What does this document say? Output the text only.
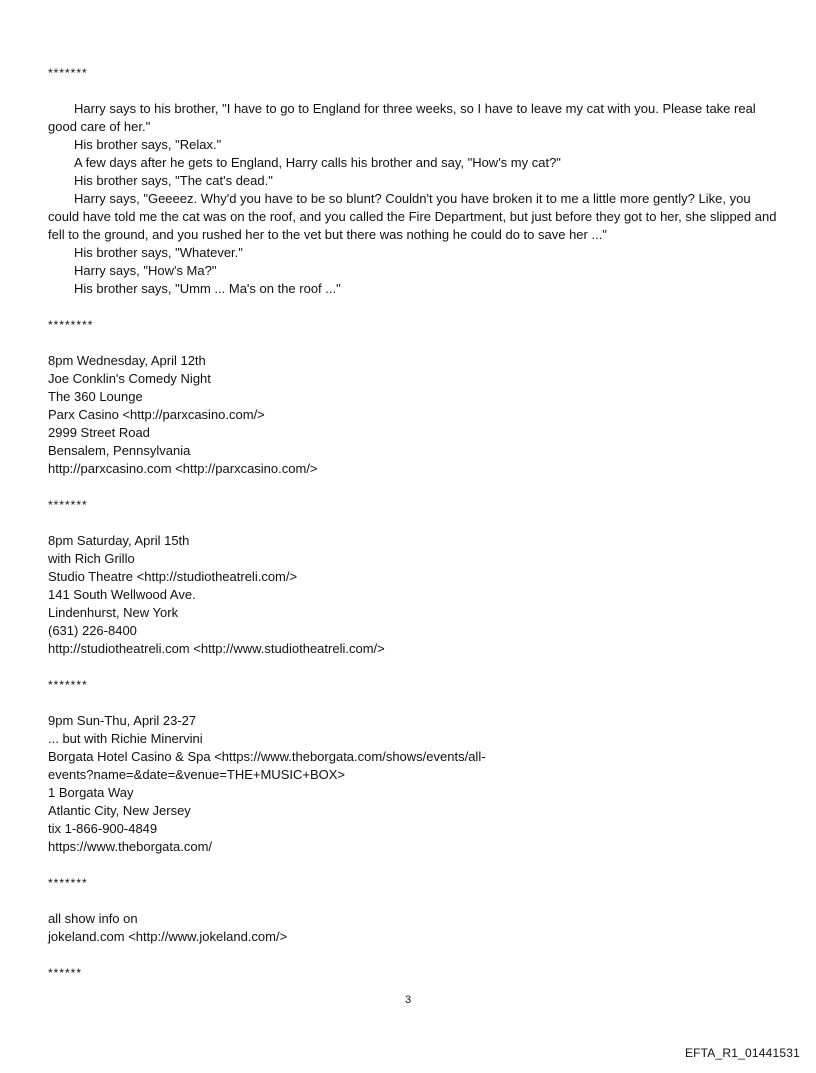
*******

Harry says to his brother, "I have to go to England for three weeks, so I have to leave my cat with you. Please take real good care of her."

His brother says, "Relax."

A few days after he gets to England, Harry calls his brother and say, "How's my cat?"

His brother says, "The cat's dead."

Harry says, "Geeeez. Why'd you have to be so blunt? Couldn't you have broken it to me a little more gently? Like, you could have told me the cat was on the roof, and you called the Fire Department, but just before they got to her, she slipped and fell to the ground, and you rushed her to the vet but there was nothing he could do to save her ..."

His brother says, "Whatever."

Harry says, "How's Ma?"

His brother says, "Umm ... Ma's on the roof ..."

********

8pm Wednesday, April 12th

Joe Conklin's Comedy Night

The 360 Lounge

Parx Casino <http://parxcasino.com/>

2999 Street Road

Bensalem, Pennsylvania

http://parxcasino.com <http://parxcasino.com/>

*******

8pm Saturday, April 15th

with Rich Grillo

Studio Theatre <http://studiotheatreli.com/>

141 South Wellwood Ave.

Lindenhurst, New York

(631) 226-8400

http://studiotheatreli.com <http://www.studiotheatreli.com/>

*******

9pm Sun-Thu, April 23-27

... but with Richie Minervini

Borgata Hotel Casino & Spa <https://www.theborgata.com/shows/events/all-

events?name=&date=&venue=THE+MUSIC+BOX>

1 Borgata Way

Atlantic City, New Jersey

tix 1-866-900-4849

https://www.theborgata.com/

*******

all show info on

jokeland.com <http://www.jokeland.com/>

******

3
EFTA_R1_01441531
